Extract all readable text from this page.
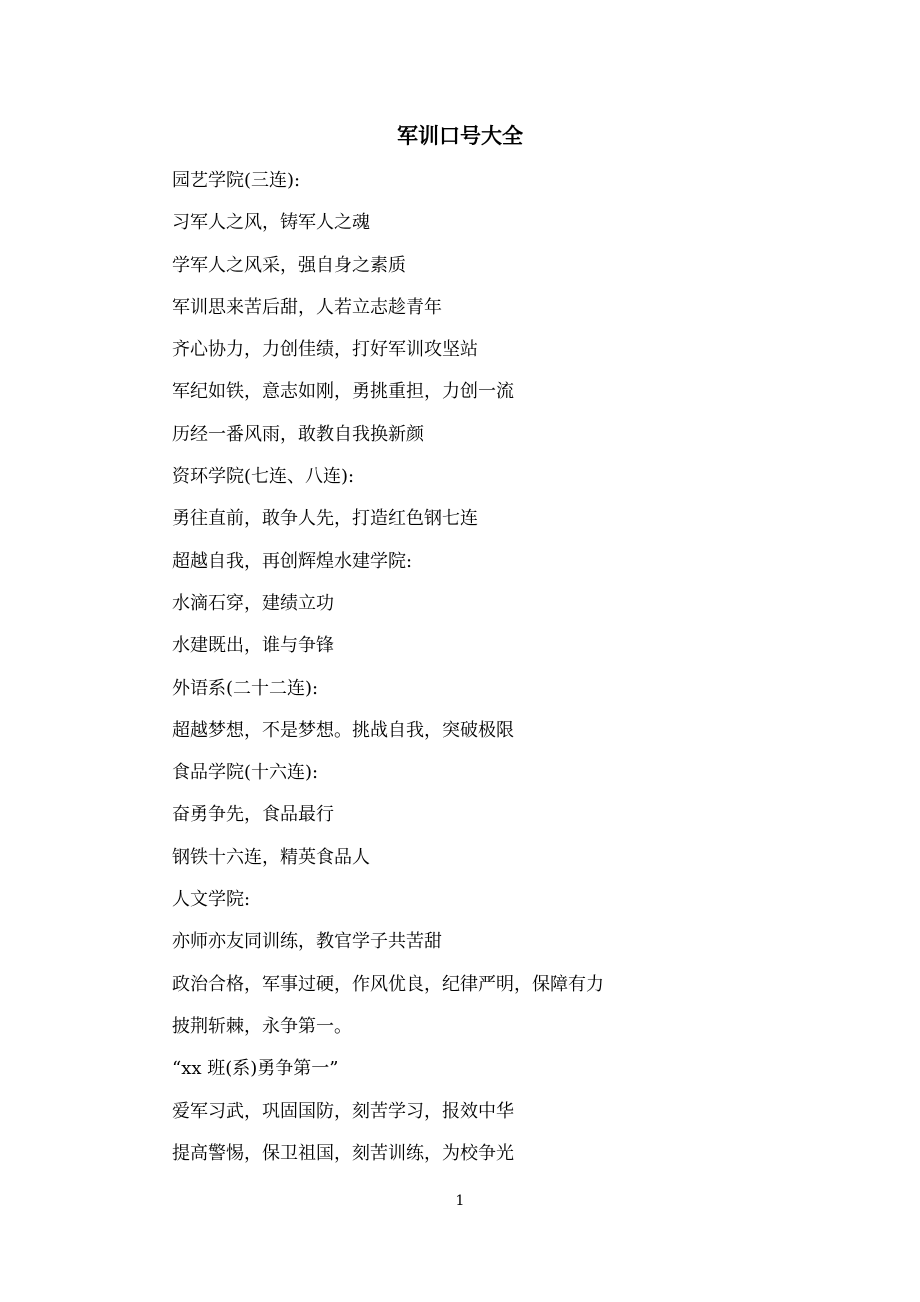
军训口号大全
园艺学院(三连):
习军人之风，铸军人之魂
学军人之风采，强自身之素质
军训思来苦后甜，人若立志趁青年
齐心协力，力创佳绩，打好军训攻坚站
军纪如铁，意志如刚，勇挑重担，力创一流
历经一番风雨，敢教自我换新颜
资环学院(七连、八连):
勇往直前，敢争人先，打造红色钢七连
超越自我，再创辉煌水建学院:
水滴石穿，建绩立功
水建既出，谁与争锋
外语系(二十二连):
超越梦想，不是梦想。挑战自我，突破极限
食品学院(十六连):
奋勇争先，食品最行
钢铁十六连，精英食品人
人文学院:
亦师亦友同训练，教官学子共苦甜
政治合格，军事过硬，作风优良，纪律严明，保障有力
披荆斩棘，永争第一。
“xx 班(系)勇争第一”
爱军习武，巩固国防，刻苦学习，报效中华
提高警惕，保卫祖国，刻苦训练，为校争光
1
